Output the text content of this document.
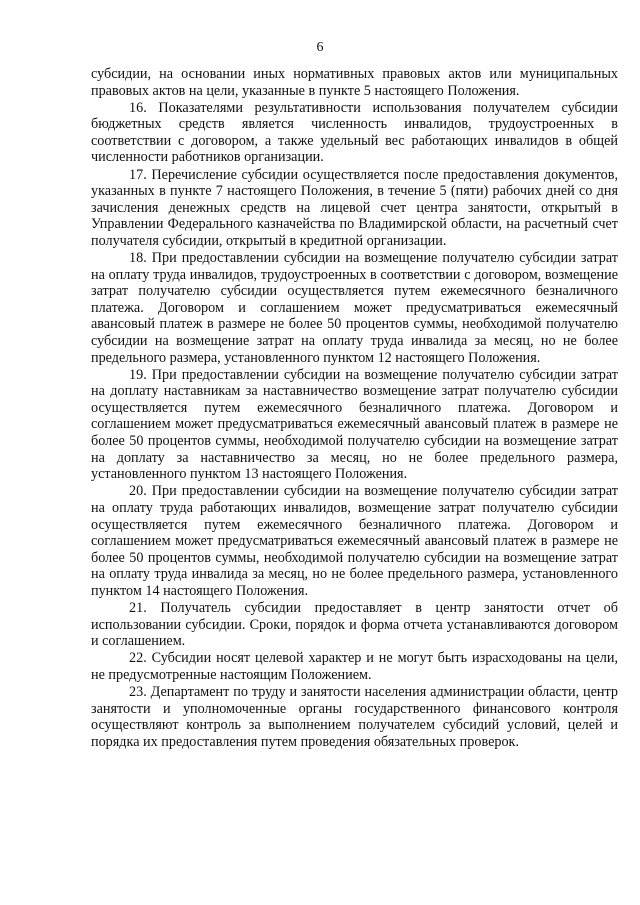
6

субсидии, на основании иных нормативных правовых актов или муниципальных правовых актов на цели, указанные в пункте 5 настоящего Положения.

16. Показателями результативности использования получателем субсидии бюджетных средств является численность инвалидов, трудоустроенных в соответствии с договором, а также удельный вес работающих инвалидов в общей численности работников организации.

17. Перечисление субсидии осуществляется после предоставления документов, указанных в пункте 7 настоящего Положения, в течение 5 (пяти) рабочих дней со дня зачисления денежных средств на лицевой счет центра занятости, открытый в Управлении Федерального казначейства по Владимирской области, на расчетный счет получателя субсидии, открытый в кредитной организации.

18. При предоставлении субсидии на возмещение получателю субсидии затрат на оплату труда инвалидов, трудоустроенных в соответствии с договором, возмещение затрат получателю субсидии осуществляется путем ежемесячного безналичного платежа. Договором и соглашением может предусматриваться ежемесячный авансовый платеж в размере не более 50 процентов суммы, необходимой получателю субсидии на возмещение затрат на оплату труда инвалида за месяц, но не более предельного размера, установленного пунктом 12 настоящего Положения.

19. При предоставлении субсидии на возмещение получателю субсидии затрат на доплату наставникам за наставничество возмещение затрат получателю субсидии осуществляется путем ежемесячного безналичного платежа. Договором и соглашением может предусматриваться ежемесячный авансовый платеж в размере не более 50 процентов суммы, необходимой получателю субсидии на возмещение затрат на доплату за наставничество за месяц, но не более предельного размера, установленного пунктом 13 настоящего Положения.

20. При предоставлении субсидии на возмещение получателю субсидии затрат на оплату труда работающих инвалидов, возмещение затрат получателю субсидии осуществляется путем ежемесячного безналичного платежа. Договором и соглашением может предусматриваться ежемесячный авансовый платеж в размере не более 50 процентов суммы, необходимой получателю субсидии на возмещение затрат на оплату труда инвалида за месяц, но не более предельного размера, установленного пунктом 14 настоящего Положения.

21. Получатель субсидии предоставляет в центр занятости отчет об использовании субсидии. Сроки, порядок и форма отчета устанавливаются договором и соглашением.

22. Субсидии носят целевой характер и не могут быть израсходованы на цели, не предусмотренные настоящим Положением.

23. Департамент по труду и занятости населения администрации области, центр занятости и уполномоченные органы государственного финансового контроля осуществляют контроль за выполнением получателем субсидий условий, целей и порядка их предоставления путем проведения обязательных проверок.
